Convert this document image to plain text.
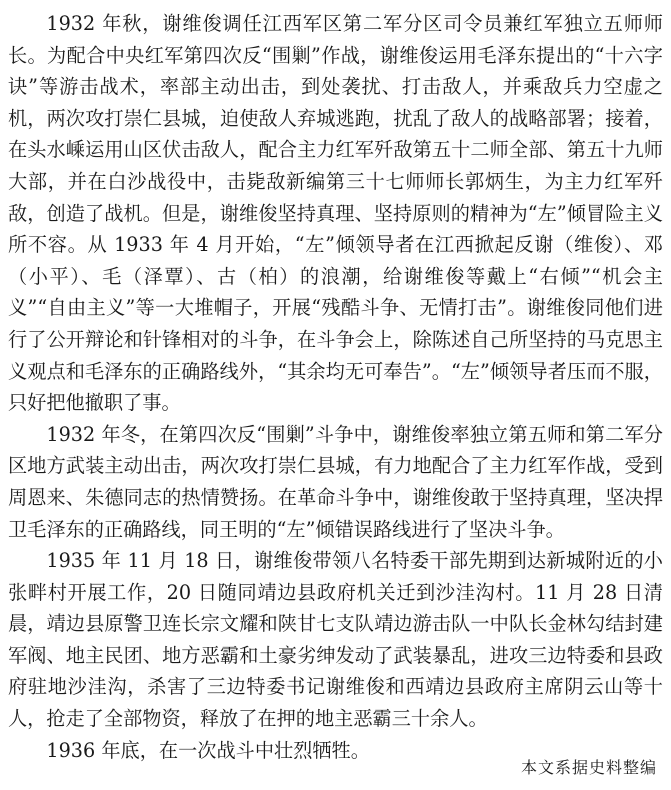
1932 年秋，谢维俊调任江西军区第二军分区司令员兼红军独立五师师长。为配合中央红军第四次反“围剿”作战，谢维俊运用毛泽东提出的“十六字诀”等游击战术，率部主动出击，到处袭扰、打击敌人，并乘敌兵力空虚之机，两次攻打崇仁县城，迫使敌人弃城逃跑，扰乱了敌人的战略部署；接着，在头水嵊运用山区伏击敌人，配合主力红军歼敌第五十二师全部、第五十九师大部，并在白沙战役中，击毙敌新编第三十七师师长郭炳生，为主力红军歼敌，创造了战机。但是，谢维俊坚持真理、坚持原则的精神为“左”倾冒险主义所不容。从 1933 年 4 月开始，“左”倾领导者在江西掀起反谢（维俊）、邓（小平）、毛（泽覃）、古（柏）的浪潮，给谢维俊等戴上“右倾”“机会主义”“自由主义”等一大堆帽子，开展“残酷斗争、无情打击”。谢维俊同他们进行了公开辩论和针锋相对的斗争，在斗争会上，除陈述自己所坚持的马克思主义观点和毛泽东的正确路线外，“其余均无可奉告”。“左”倾领导者压而不服，只好把他撤职了事。

1932 年冬，在第四次反“围剿”斗争中，谢维俊率独立第五师和第二军分区地方武装主动出击，两次攻打崇仁县城，有力地配合了主力红军作战，受到周恩来、朱德同志的热情赞扬。在革命斗争中，谢维俊敢于坚持真理，坚决捍卫毛泽东的正确路线，同王明的“左”倾错误路线进行了坚决斗争。

1935 年 11 月 18 日，谢维俊带领八名特委干部先期到达新城附近的小张畔村开展工作，20 日随同靖边县政府机关迁到沙洼沟村。11 月 28 日清晨，靖边县原警卫连长宗文耀和陕甘七支队靖边游击队一中队长金林勾结封建军阀、地主民团、地方恶霸和土豪劣绅发动了武装暴乱，进攻三边特委和县政府驻地沙洼沟，杀害了三边特委书记谢维俊和西靖边县政府主席阴云山等十人，抢走了全部物资，释放了在押的地主恶霸三十余人。

1936 年底，在一次战斗中壮烈牺牲。

本文系据史料整编
